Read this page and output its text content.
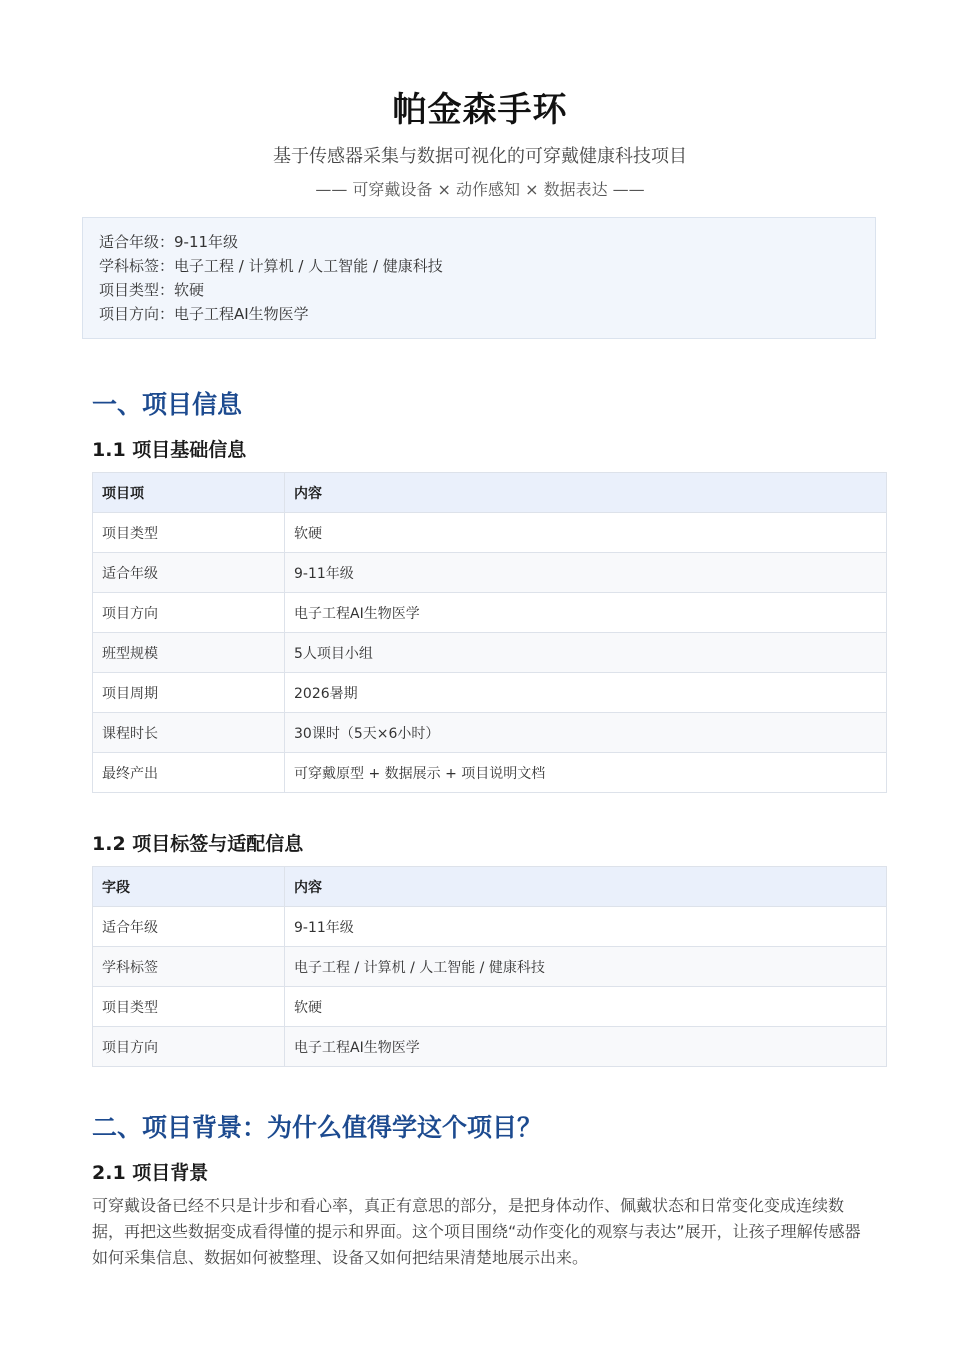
帕金森手环
基于传感器采集与数据可视化的可穿戴健康科技项目
—— 可穿戴设备 × 动作感知 × 数据表达 ——
适合年级：9-11年级
学科标签：电子工程 / 计算机 / 人工智能 / 健康科技
项目类型：软硬
项目方向：电子工程AI生物医学
一、项目信息
1.1 项目基础信息
项目项	内容
项目类型	软硬
适合年级	9-11年级
项目方向	电子工程AI生物医学
班型规模	5人项目小组
项目周期	2026暑期
课程时长	30课时（5天×6小时）
最终产出	可穿戴原型 + 数据展示 + 项目说明文档
1.2 项目标签与适配信息
字段	内容
适合年级	9-11年级
学科标签	电子工程 / 计算机 / 人工智能 / 健康科技
项目类型	软硬
项目方向	电子工程AI生物医学
二、项目背景：为什么值得学这个项目？
2.1 项目背景
可穿戴设备已经不只是计步和看心率，真正有意思的部分，是把身体动作、佩戴状态和日常变化变成连续数据，再把这些数据变成看得懂的提示和界面。这个项目围绕“动作变化的观察与表达”展开，让孩子理解传感器如何采集信息、数据如何被整理、设备又如何把结果清楚地展示出来。
